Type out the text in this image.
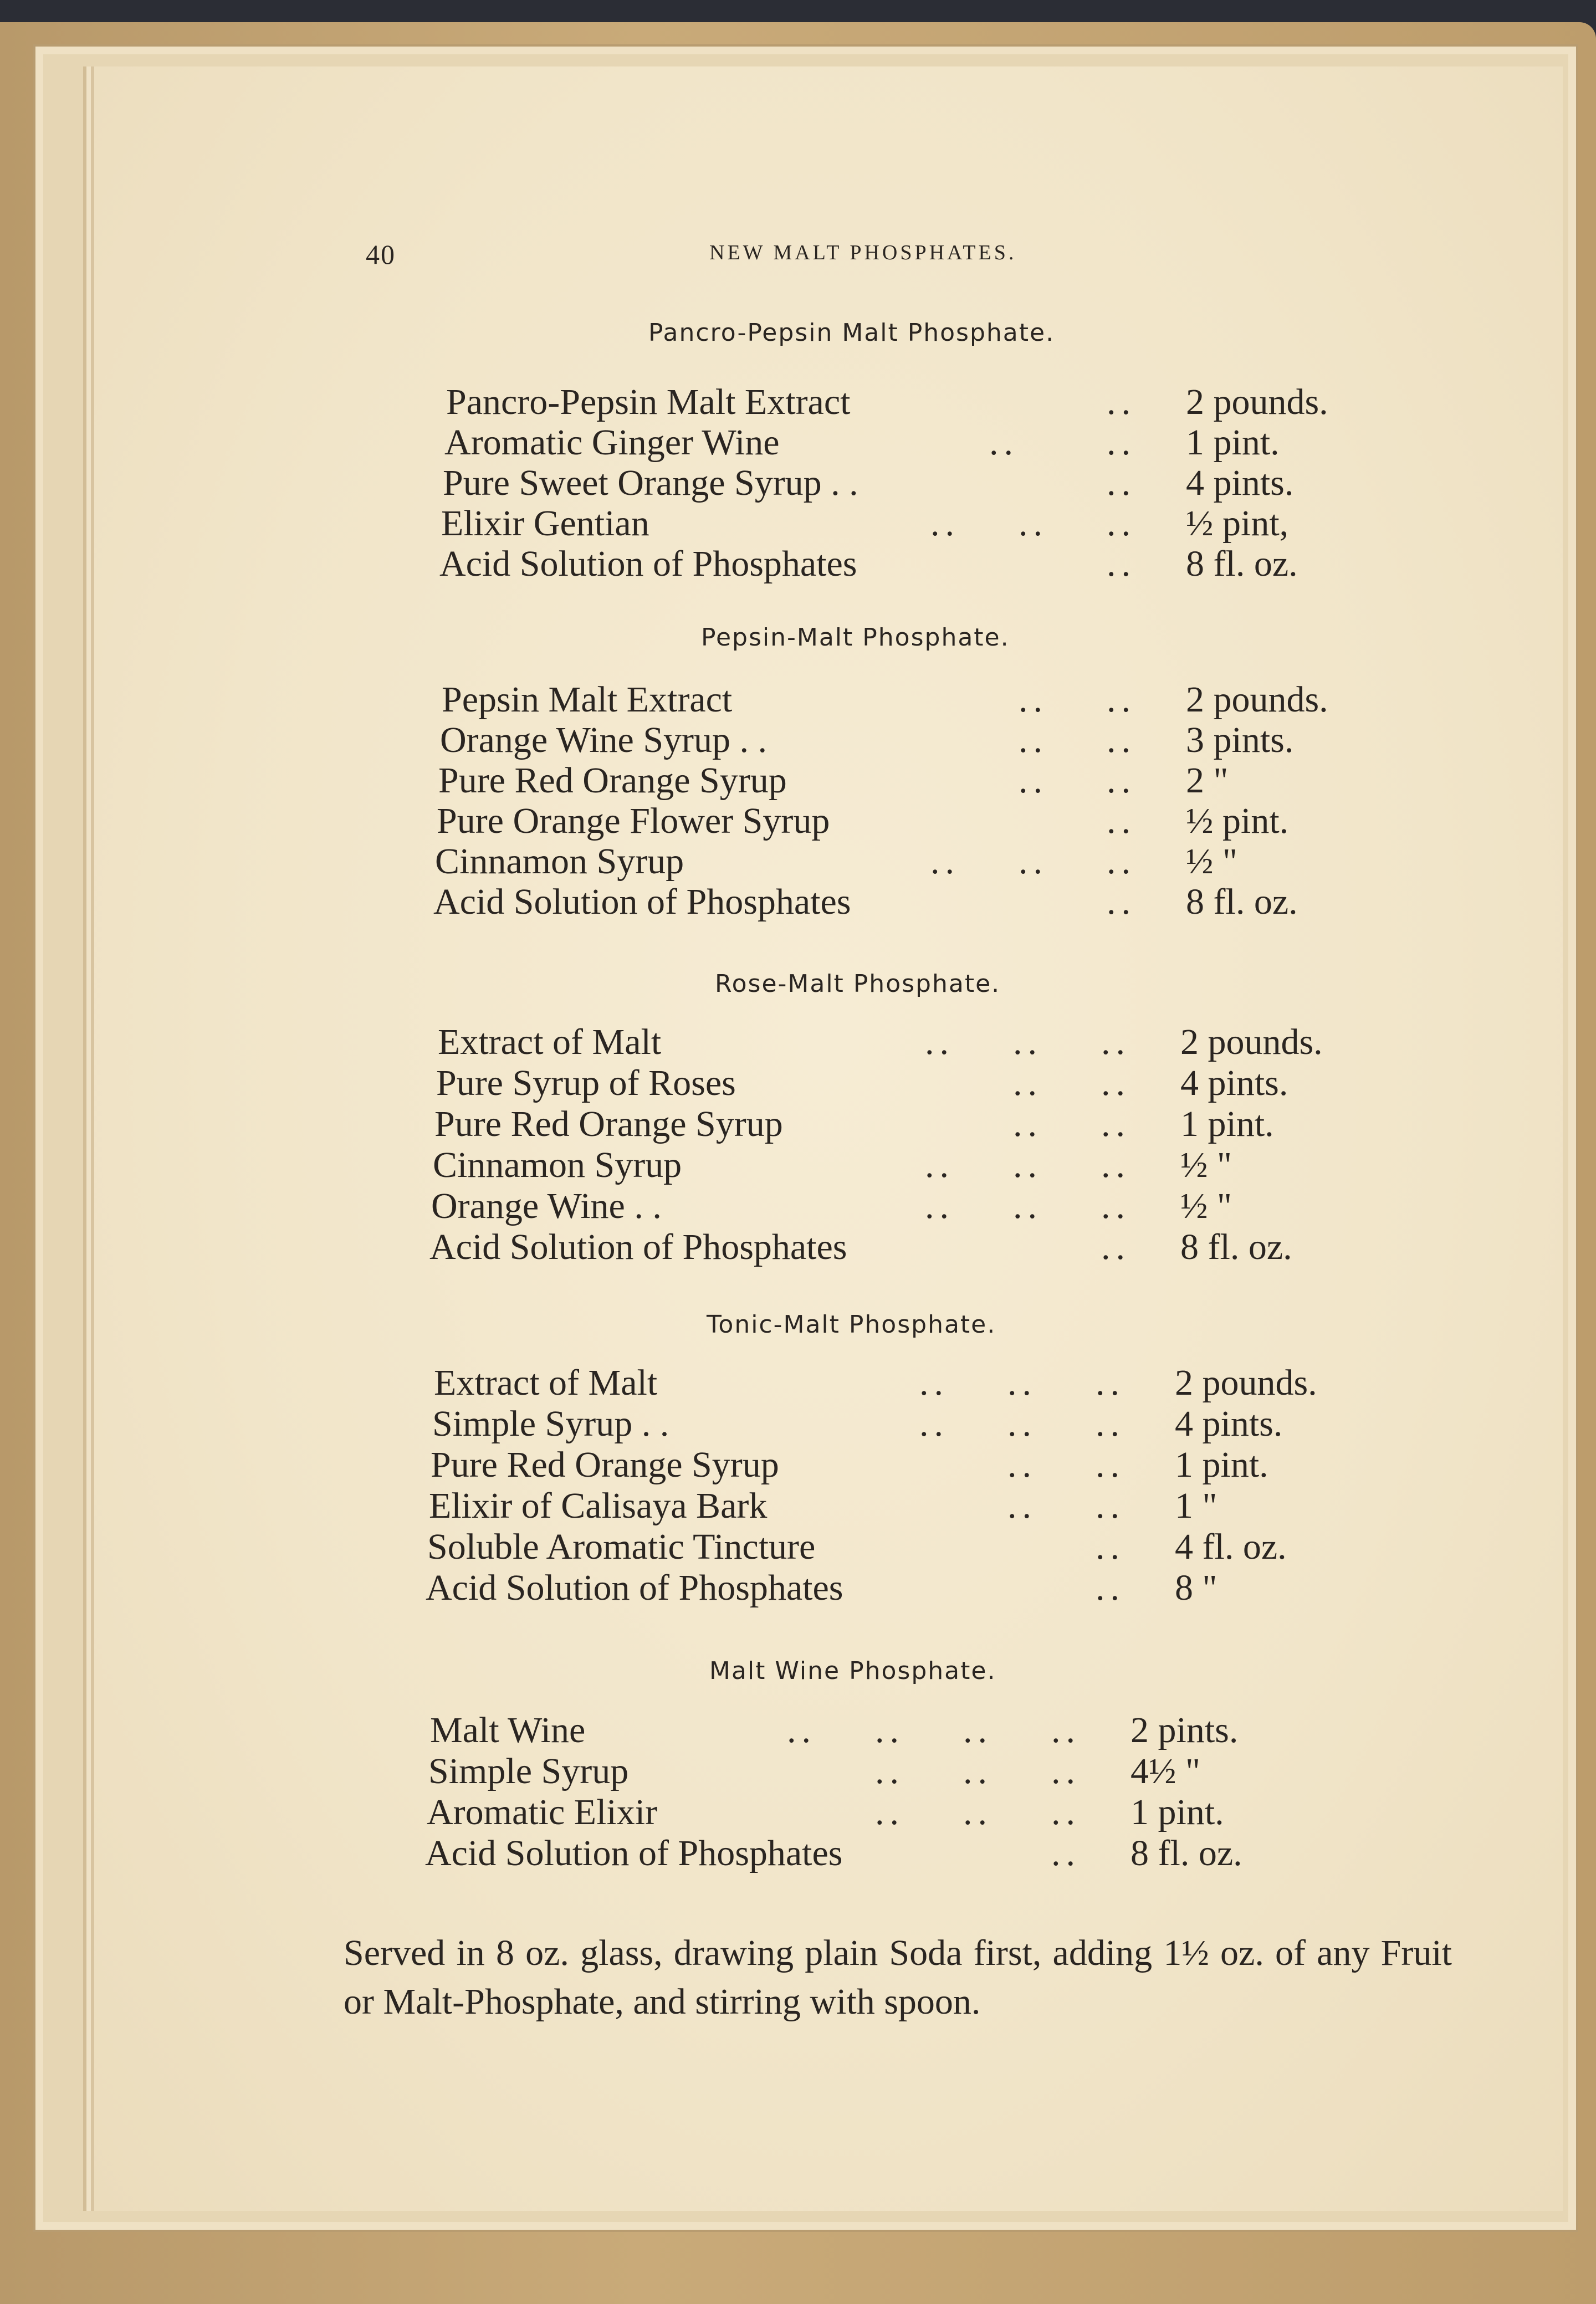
40	NEW MALT PHOSPHATES.
Pancro-Pepsin Malt Phosphate.
Pancro-Pepsin Malt Extract	.. 2 pounds.
Aromatic Ginger Wine	..      .. 1 pint.
Pure Sweet Orange Syrup . .	.. 4 pints.
Elixir Gentian	..    ..    .. ½ pint,
Acid Solution of Phosphates	.. 8 fl. oz.
Pepsin-Malt Phosphate.
Pepsin Malt Extract	..    .. 2 pounds.
Orange Wine Syrup . .	..    .. 3 pints.
Pure Red Orange Syrup	..    .. 2 "
Pure Orange Flower Syrup	.. ½ pint.
Cinnamon Syrup	..    ..    .. ½ "
Acid Solution of Phosphates	.. 8 fl. oz.
Rose-Malt Phosphate.
Extract of Malt	..    ..    .. 2 pounds.
Pure Syrup of Roses	..    .. 4 pints.
Pure Red Orange Syrup	..    .. 1 pint.
Cinnamon Syrup	..    ..    .. ½ "
Orange Wine . .	..    ..    .. ½ "
Acid Solution of Phosphates	.. 8 fl. oz.
Tonic-Malt Phosphate.
Extract of Malt	..    ..    .. 2 pounds.
Simple Syrup . .	..    ..    .. 4 pints.
Pure Red Orange Syrup	..    .. 1 pint.
Elixir of Calisaya Bark	..    .. 1 "
Soluble Aromatic Tincture	.. 4 fl. oz.
Acid Solution of Phosphates	.. 8 "
Malt Wine Phosphate.
Malt Wine	..    ..    ..    .. 2 pints.
Simple Syrup	..    ..    .. 4½ "
Aromatic Elixir	..    ..    .. 1 pint.
Acid Solution of Phosphates	.. 8 fl. oz.

Served in 8 oz. glass, drawing plain Soda first, adding 1½ oz. of any Fruit or Malt-Phosphate, and stirring with spoon.
